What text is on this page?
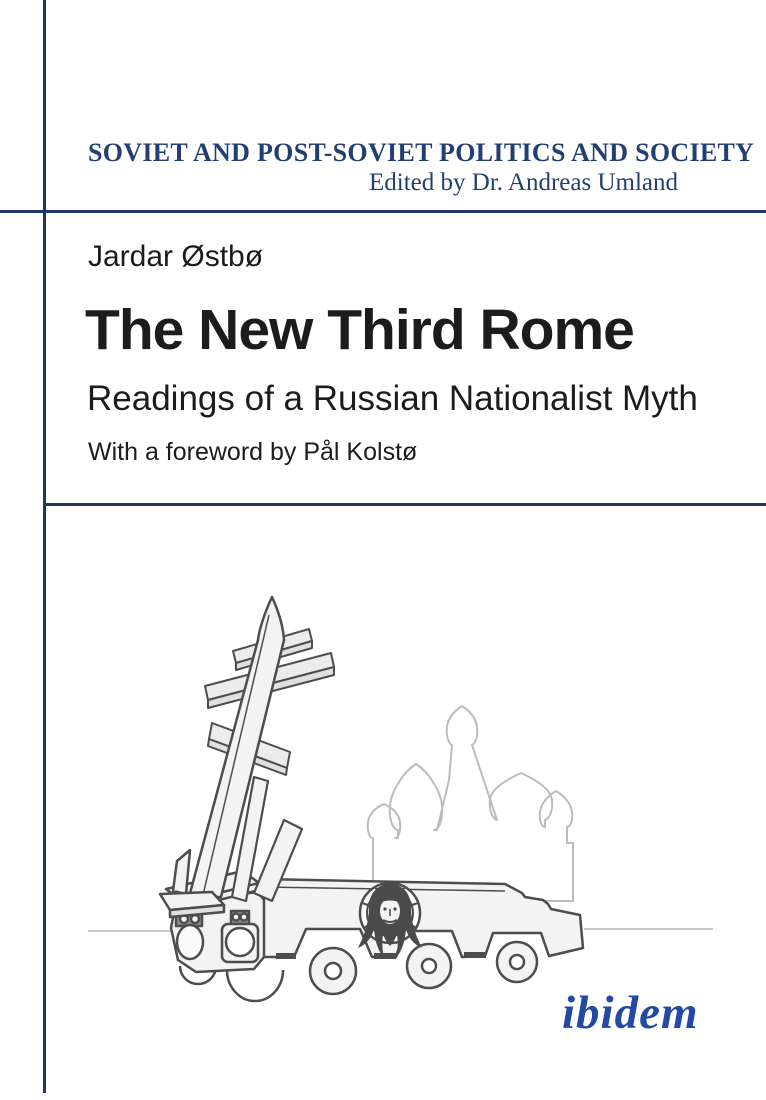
SOVIET AND POST-SOVIET POLITICS AND SOCIETY
Edited by Dr. Andreas Umland
Jardar Østbø
The New Third Rome
Readings of a Russian Nationalist Myth
With a foreword by Pål Kolstø
ibidem
